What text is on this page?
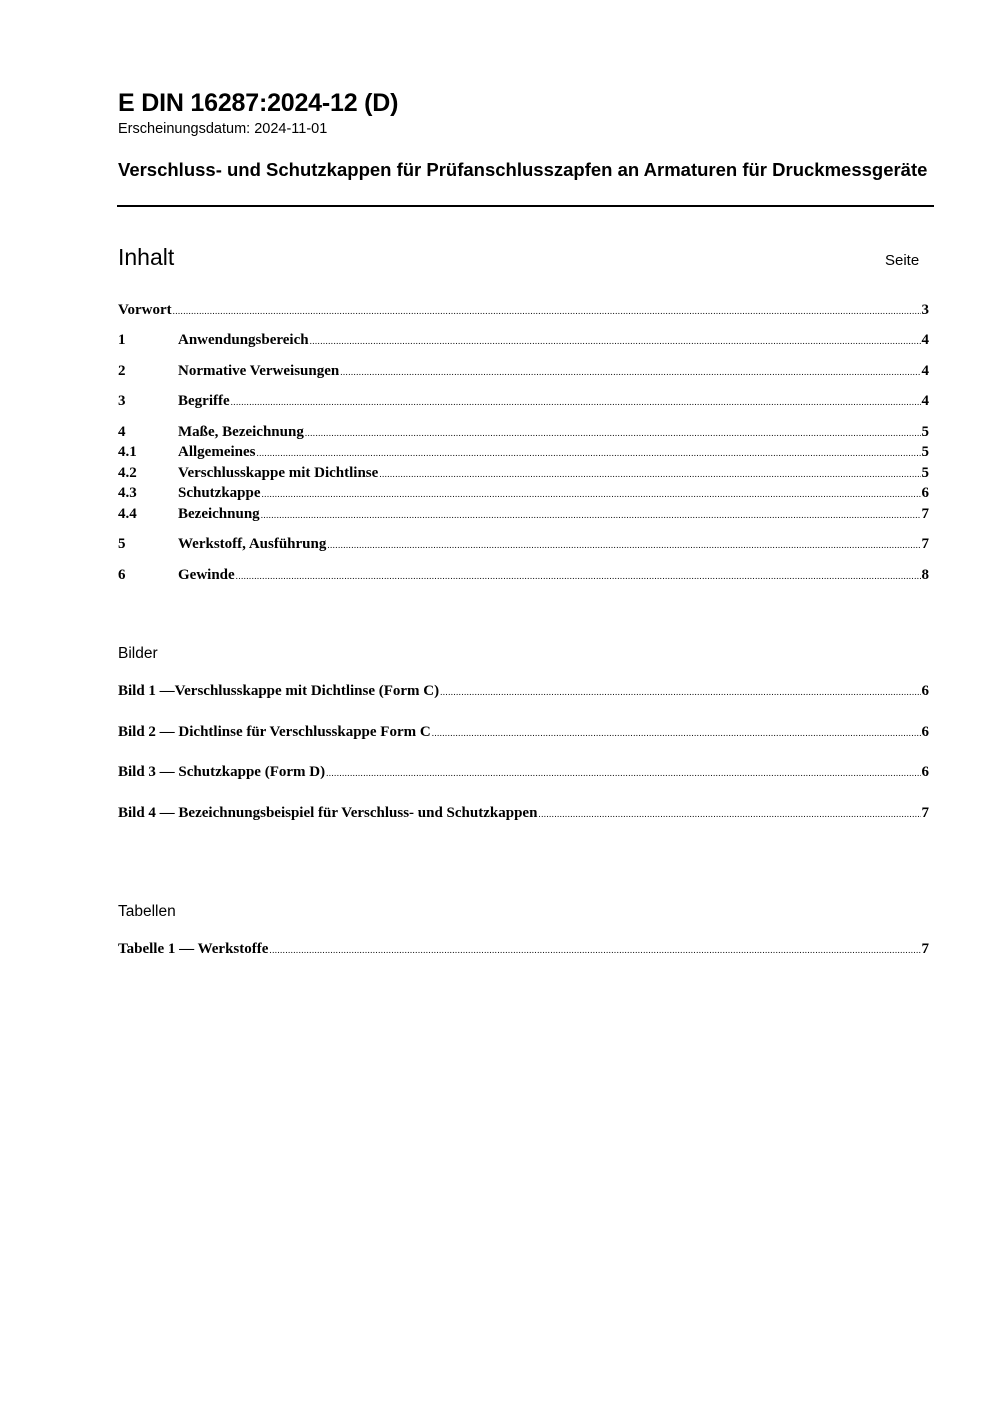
E DIN 16287:2024-12 (D)
Erscheinungsdatum: 2024-11-01
Verschluss- und Schutzkappen für Prüfanschlusszapfen an Armaturen für Druckmessgeräte
Inhalt	Seite
Vorwort .....	3
1	Anwendungsbereich .....	4
2	Normative Verweisungen .....	4
3	Begriffe .....	4
4	Maße, Bezeichnung .....	5
4.1	Allgemeines .....	5
4.2	Verschlusskappe mit Dichtlinse .....	5
4.3	Schutzkappe .....	6
4.4	Bezeichnung .....	7
5	Werkstoff, Ausführung .....	7
6	Gewinde .....	8
Bilder
Bild 1 —Verschlusskappe mit Dichtlinse (Form C) .....	6
Bild 2 — Dichtlinse für Verschlusskappe Form C .....	6
Bild 3 — Schutzkappe (Form D) .....	6
Bild 4 — Bezeichnungsbeispiel für Verschluss- und Schutzkappen .....	7
Tabellen
Tabelle 1 — Werkstoffe .....	7
